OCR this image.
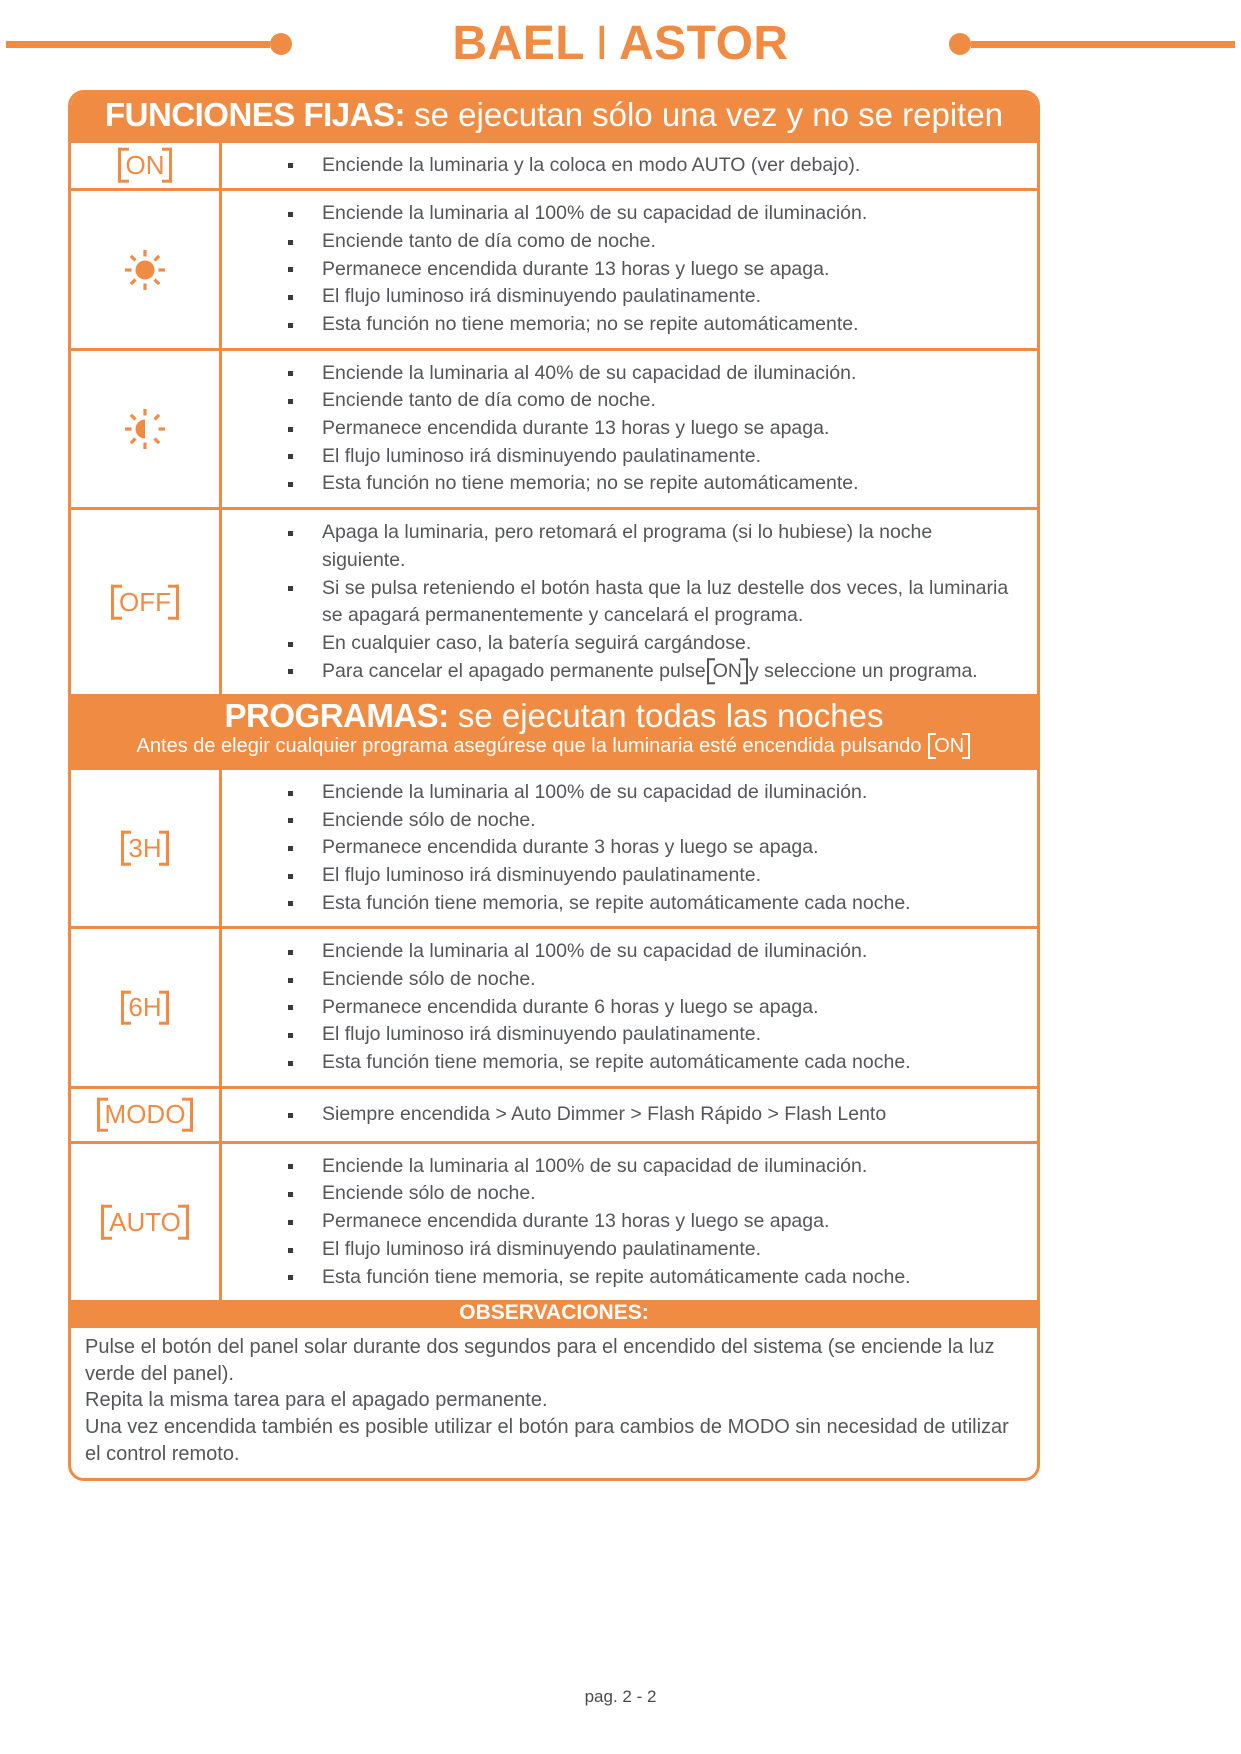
BAEL I ASTOR
FUNCIONES FIJAS: se ejecutan sólo una vez y no se repiten
ON	Enciende la luminaria y la coloca en modo AUTO (ver debajo).
Enciende la luminaria al 100% de su capacidad de iluminación.
Enciende tanto de día como de noche.
Permanece encendida durante 13 horas y luego se apaga.
El flujo luminoso irá disminuyendo paulatinamente.
Esta función no tiene memoria; no se repite automáticamente.
Enciende la luminaria al 40% de su capacidad de iluminación.
Enciende tanto de día como de noche.
Permanece encendida durante 13 horas y luego se apaga.
El flujo luminoso irá disminuyendo paulatinamente.
Esta función no tiene memoria; no se repite automáticamente.
OFF
Apaga la luminaria, pero retomará el programa (si lo hubiese) la noche siguiente.
Si se pulsa reteniendo el botón hasta que la luz destelle dos veces, la luminaria se apagará permanentemente y cancelará el programa.
En cualquier caso, la batería seguirá cargándose.
Para cancelar el apagado permanente pulse ON y seleccione un programa.
PROGRAMAS: se ejecutan todas las noches
Antes de elegir cualquier programa asegúrese que la luminaria esté encendida pulsando ON
3H
Enciende la luminaria al 100% de su capacidad de iluminación.
Enciende sólo de noche.
Permanece encendida durante 3 horas y luego se apaga.
El flujo luminoso irá disminuyendo paulatinamente.
Esta función tiene memoria, se repite automáticamente cada noche.
6H
Enciende la luminaria al 100% de su capacidad de iluminación.
Enciende sólo de noche.
Permanece encendida durante 6 horas y luego se apaga.
El flujo luminoso irá disminuyendo paulatinamente.
Esta función tiene memoria, se repite automáticamente cada noche.
MODO	Siempre encendida > Auto Dimmer > Flash Rápido > Flash Lento
AUTO
Enciende la luminaria al 100% de su capacidad de iluminación.
Enciende sólo de noche.
Permanece encendida durante 13 horas y luego se apaga.
El flujo luminoso irá disminuyendo paulatinamente.
Esta función tiene memoria, se repite automáticamente cada noche.
OBSERVACIONES:
Pulse el botón del panel solar durante dos segundos para el encendido del sistema (se enciende la luz verde del panel).
Repita la misma tarea para el apagado permanente.
Una vez encendida también es posible utilizar el botón para cambios de MODO sin necesidad de utilizar el control remoto.
pag. 2 - 2
